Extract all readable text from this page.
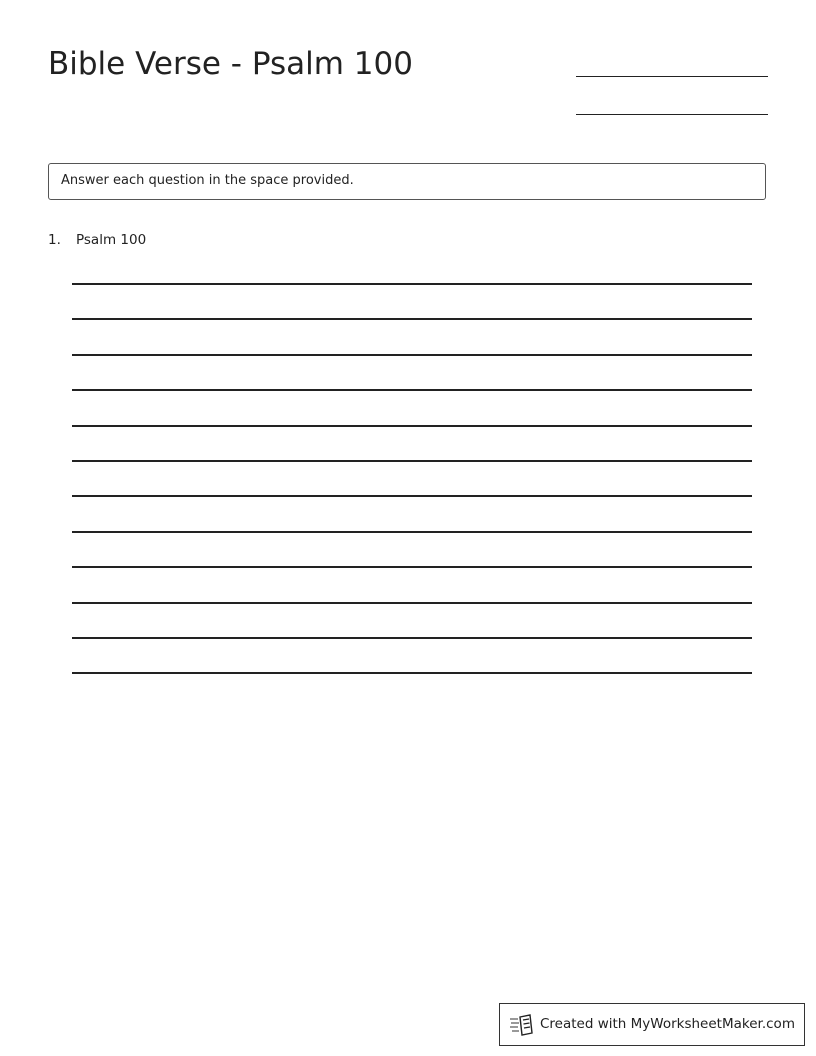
Bible Verse - Psalm 100
Answer each question in the space provided.
1. Psalm 100
Created with MyWorksheetMaker.com
